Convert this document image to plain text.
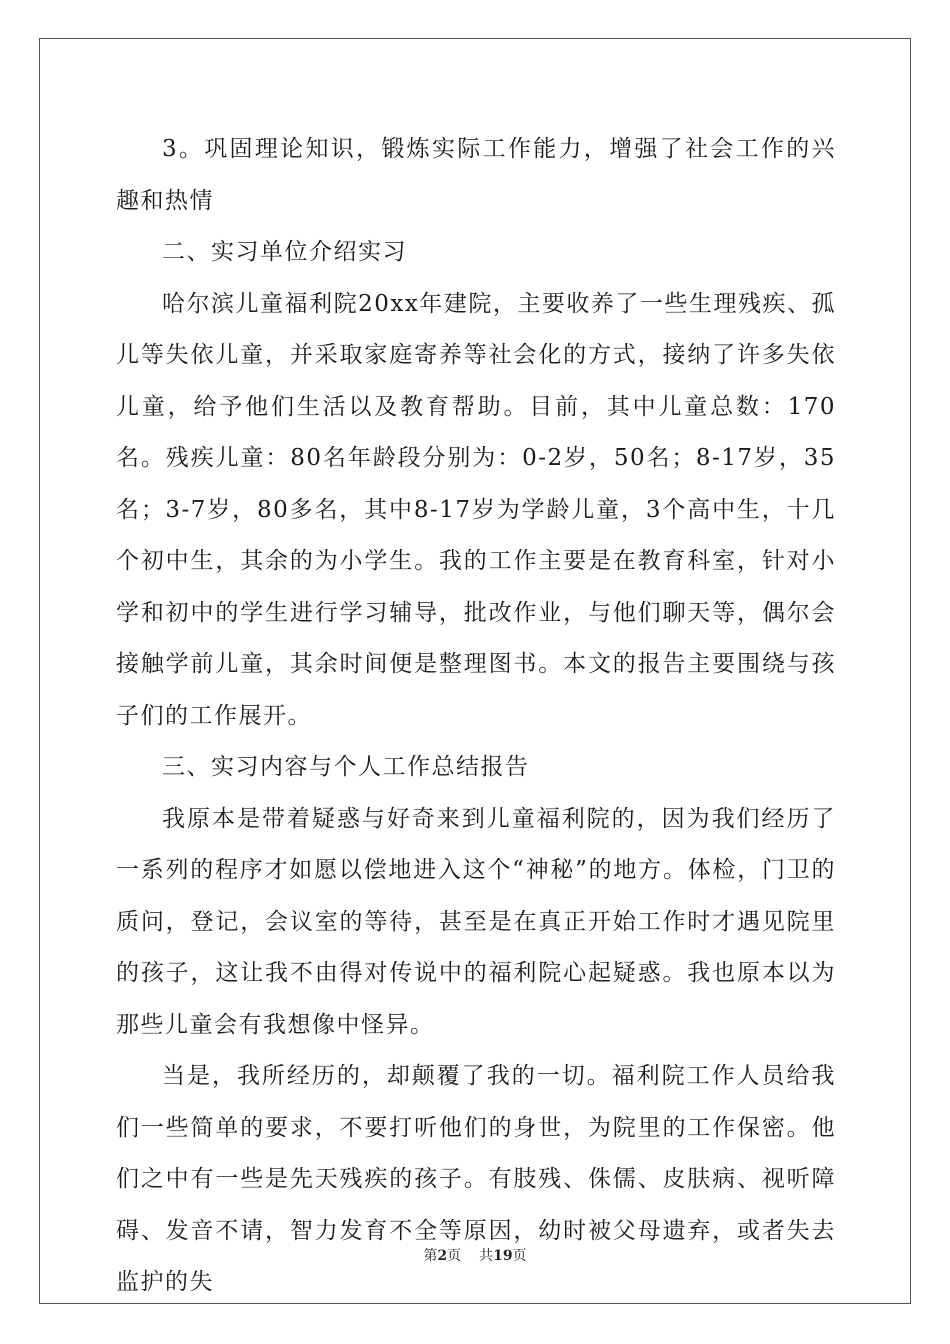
3。巩固理论知识，锻炼实际工作能力，增强了社会工作的兴趣和热情

二、实习单位介绍实习

哈尔滨儿童福利院20xx年建院，主要收养了一些生理残疾、孤儿等失依儿童，并采取家庭寄养等社会化的方式，接纳了许多失依儿童，给予他们生活以及教育帮助。目前，其中儿童总数：170名。残疾儿童：80名年龄段分别为：0-2岁，50名；8-17岁，35名；3-7岁，80多名，其中8-17岁为学龄儿童，3个高中生，十几个初中生，其余的为小学生。我的工作主要是在教育科室，针对小学和初中的学生进行学习辅导，批改作业，与他们聊天等，偶尔会接触学前儿童，其余时间便是整理图书。本文的报告主要围绕与孩子们的工作展开。

三、实习内容与个人工作总结报告

我原本是带着疑惑与好奇来到儿童福利院的，因为我们经历了一系列的程序才如愿以偿地进入这个“神秘”的地方。体检，门卫的质问，登记，会议室的等待，甚至是在真正开始工作时才遇见院里的孩子，这让我不由得对传说中的福利院心起疑惑。我也原本以为那些儿童会有我想像中怪异。

当是，我所经历的，却颠覆了我的一切。福利院工作人员给我们一些简单的要求，不要打听他们的身世，为院里的工作保密。他们之中有一些是先天残疾的孩子。有肢残、侏儒、皮肤病、视听障碍、发音不请，智力发育不全等原因，幼时被父母遗弃，或者失去监护的失

第2页 共19页
